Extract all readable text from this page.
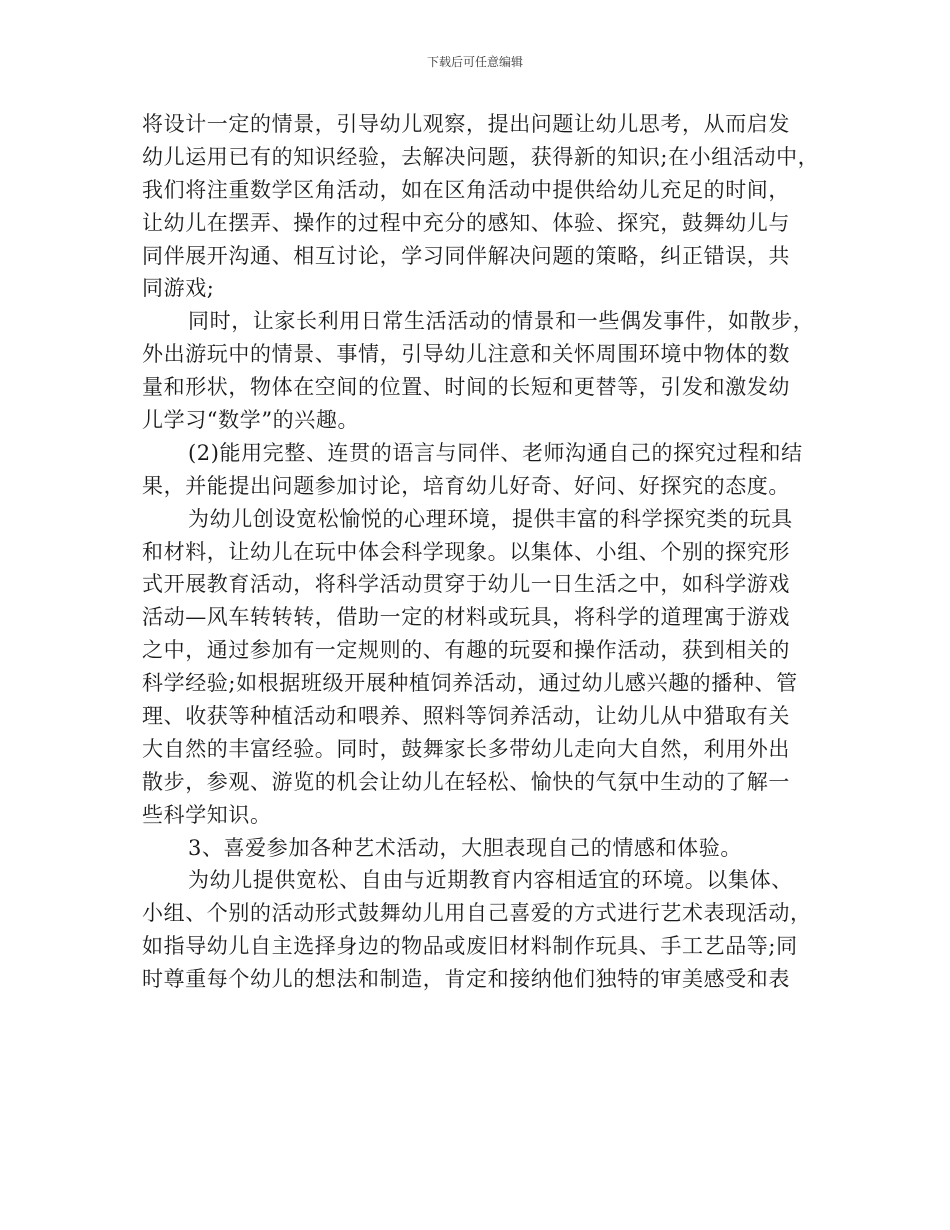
下载后可任意编辑
将设计一定的情景，引导幼儿观察，提出问题让幼儿思考，从而启发
幼儿运用已有的知识经验，去解决问题，获得新的知识;在小组活动中，
我们将注重数学区角活动，如在区角活动中提供给幼儿充足的时间，
让幼儿在摆弄、操作的过程中充分的感知、体验、探究，鼓舞幼儿与
同伴展开沟通、相互讨论，学习同伴解决问题的策略，纠正错误，共
同游戏;
同时，让家长利用日常生活活动的情景和一些偶发事件，如散步，
外出游玩中的情景、事情，引导幼儿注意和关怀周围环境中物体的数
量和形状，物体在空间的位置、时间的长短和更替等，引发和激发幼
儿学习“数学”的兴趣。
(2)能用完整、连贯的语言与同伴、老师沟通自己的探究过程和结
果，并能提出问题参加讨论，培育幼儿好奇、好问、好探究的态度。
为幼儿创设宽松愉悦的心理环境，提供丰富的科学探究类的玩具
和材料，让幼儿在玩中体会科学现象。以集体、小组、个别的探究形
式开展教育活动，将科学活动贯穿于幼儿一日生活之中，如科学游戏
活动—风车转转转，借助一定的材料或玩具，将科学的道理寓于游戏
之中，通过参加有一定规则的、有趣的玩耍和操作活动，获到相关的
科学经验;如根据班级开展种植饲养活动，通过幼儿感兴趣的播种、管
理、收获等种植活动和喂养、照料等饲养活动，让幼儿从中猎取有关
大自然的丰富经验。同时，鼓舞家长多带幼儿走向大自然，利用外出
散步，参观、游览的机会让幼儿在轻松、愉快的气氛中生动的了解一
些科学知识。
3、喜爱参加各种艺术活动，大胆表现自己的情感和体验。
为幼儿提供宽松、自由与近期教育内容相适宜的环境。以集体、
小组、个别的活动形式鼓舞幼儿用自己喜爱的方式进行艺术表现活动，
如指导幼儿自主选择身边的物品或废旧材料制作玩具、手工艺品等;同
时尊重每个幼儿的想法和制造，肯定和接纳他们独特的审美感受和表
